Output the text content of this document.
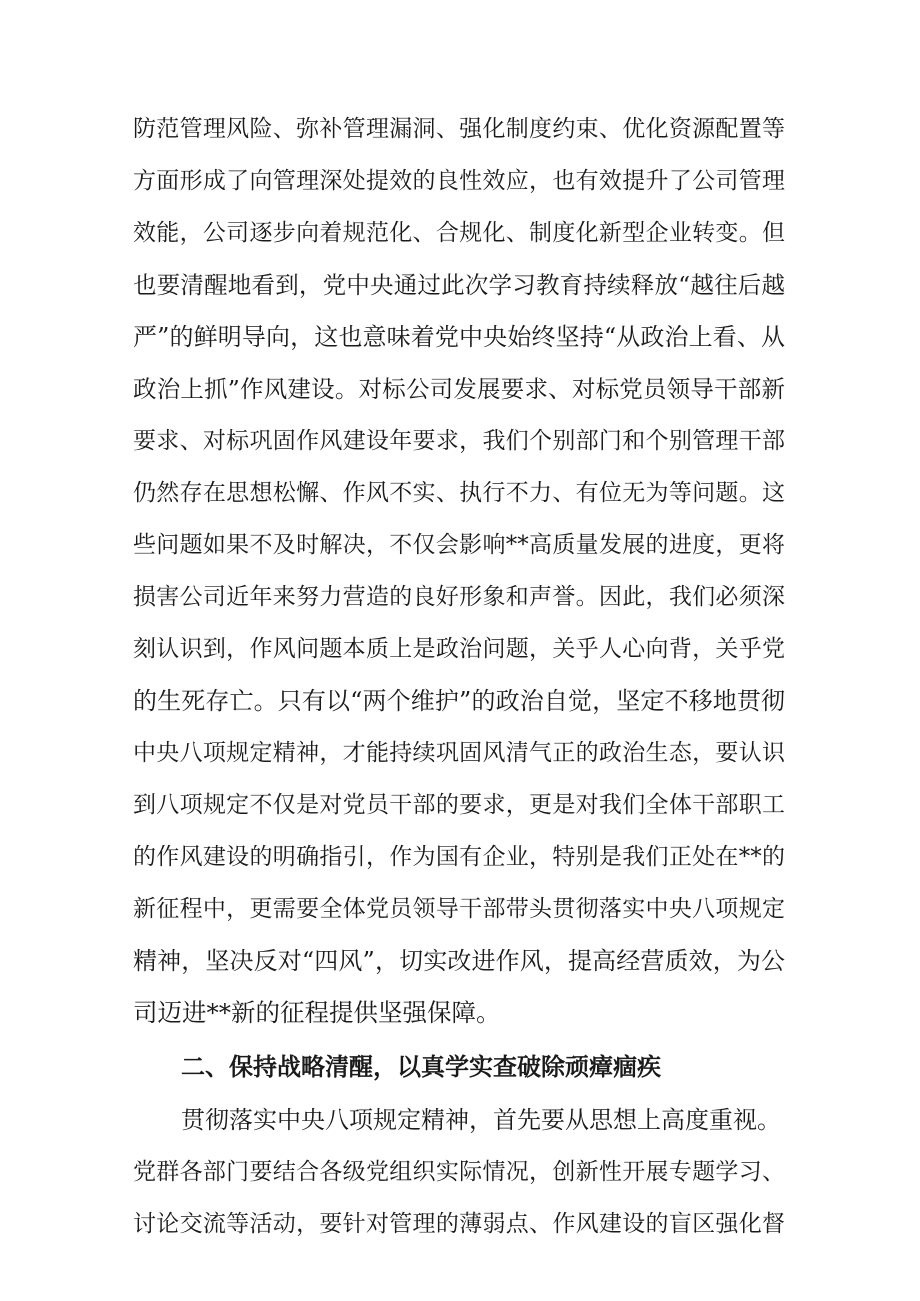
防范管理风险、弥补管理漏洞、强化制度约束、优化资源配置等
方面形成了向管理深处提效的良性效应，也有效提升了公司管理
效能，公司逐步向着规范化、合规化、制度化新型企业转变。但
也要清醒地看到，党中央通过此次学习教育持续释放“越往后越
严”的鲜明导向，这也意味着党中央始终坚持“从政治上看、从
政治上抓”作风建设。对标公司发展要求、对标党员领导干部新
要求、对标巩固作风建设年要求，我们个别部门和个别管理干部
仍然存在思想松懈、作风不实、执行不力、有位无为等问题。这
些问题如果不及时解决，不仅会影响**高质量发展的进度，更将
损害公司近年来努力营造的良好形象和声誉。因此，我们必须深
刻认识到，作风问题本质上是政治问题，关乎人心向背，关乎党
的生死存亡。只有以“两个维护”的政治自觉，坚定不移地贯彻
中央八项规定精神，才能持续巩固风清气正的政治生态，要认识
到八项规定不仅是对党员干部的要求，更是对我们全体干部职工
的作风建设的明确指引，作为国有企业，特别是我们正处在**的
新征程中，更需要全体党员领导干部带头贯彻落实中央八项规定
精神，坚决反对“四风”，切实改进作风，提高经营质效，为公
司迈进**新的征程提供坚强保障。
二、保持战略清醒，以真学实查破除顽瘴痼疾
贯彻落实中央八项规定精神，首先要从思想上高度重视。
党群各部门要结合各级党组织实际情况，创新性开展专题学习、
讨论交流等活动，要针对管理的薄弱点、作风建设的盲区强化督
